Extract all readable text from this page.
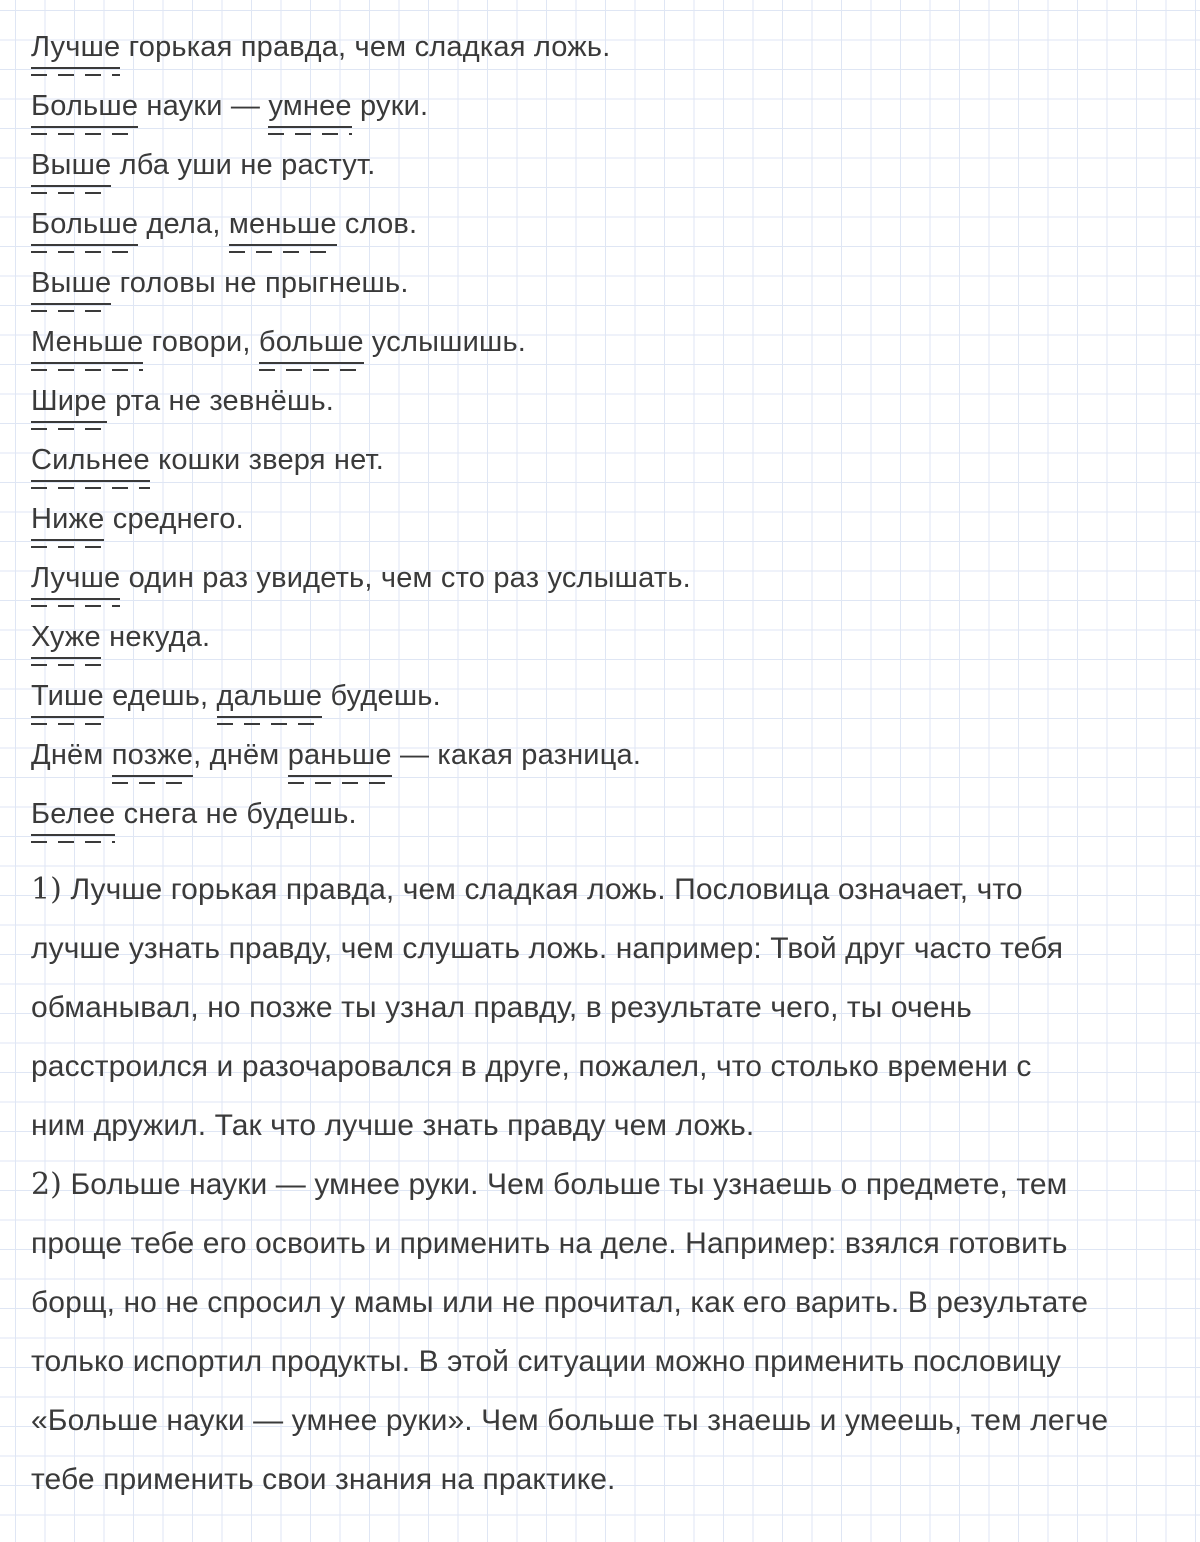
Лучше
горькая правда, чем сладкая ложь.
Больше
науки — умнее
руки.
Выше
лба уши не растут.
Больше
дела, меньше
слов.
Выше
головы не прыгнешь.
Меньше
говори, больше
услышишь.
Шире
рта не зевнёшь.
Сильнее
кошки зверя нет.
Ниже
среднего.
Лучше
один раз увидеть, чем сто раз услышать.
Хуже
некуда.
Тише
едешь, дальше
будешь.
Днём позже
, днём раньше
— какая разница.
Белее
снега не будешь.
1) Лучше горькая правда, чем сладкая ложь. Пословица означает, что
лучше узнать правду, чем слушать ложь. например: Твой друг часто тебя
обманывал, но позже ты узнал правду, в результате чего, ты очень
расстроился и разочаровался в друге, пожалел, что столько времени с
ним дружил. Так что лучше знать правду чем ложь.
2) Больше науки — умнее руки. Чем больше ты узнаешь о предмете, тем
проще тебе его освоить и применить на деле. Например: взялся готовить
борщ, но не спросил у мамы или не прочитал, как его варить. В результате
только испортил продукты. В этой ситуации можно применить пословицу
«Больше науки — умнее руки». Чем больше ты знаешь и умеешь, тем легче
тебе применить свои знания на практике.
